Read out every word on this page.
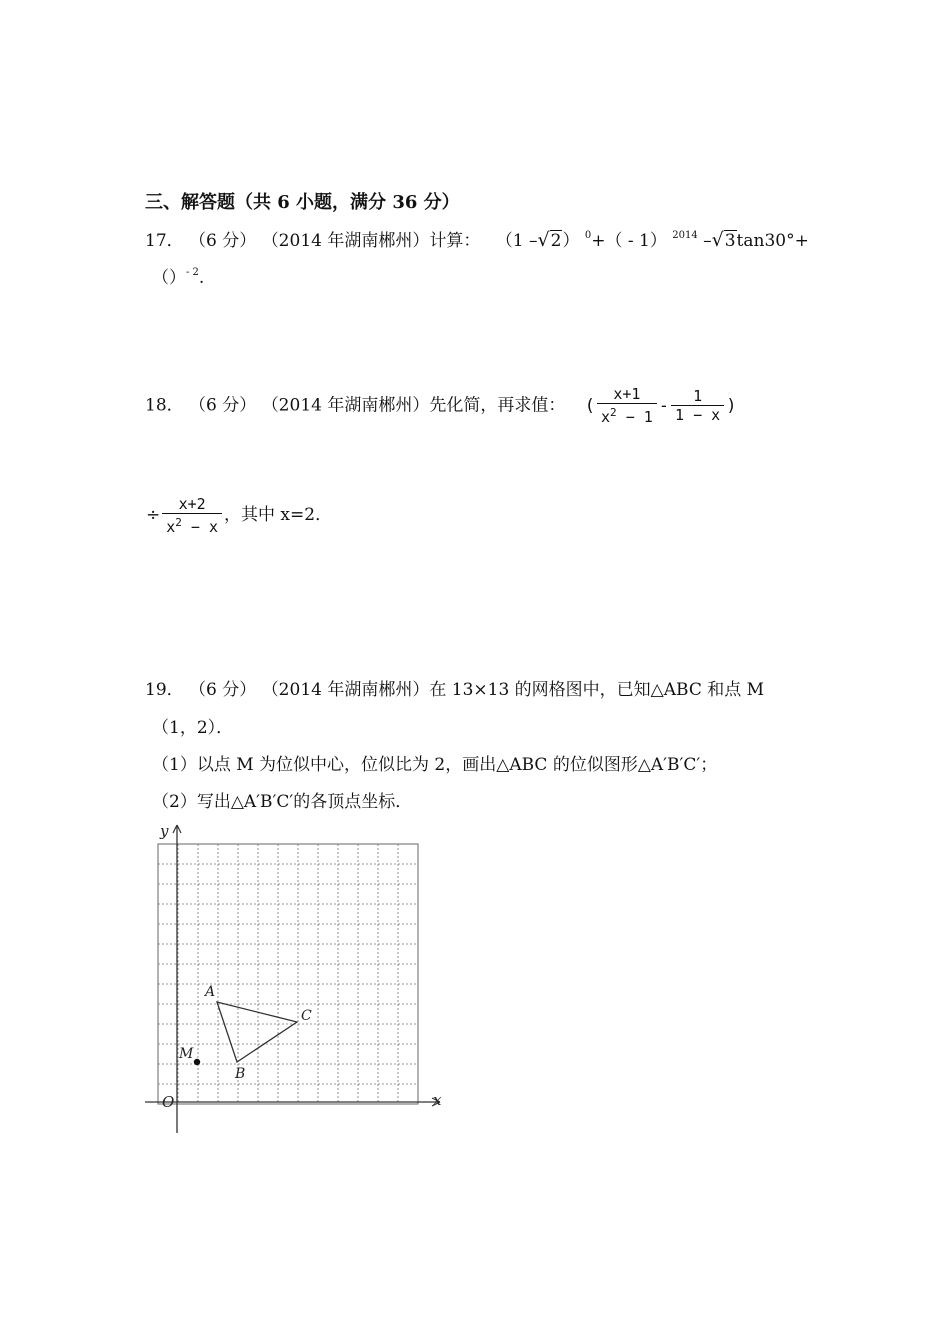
三、解答题（共 6 小题，满分 36 分）
17． （6 分） （2014 年湖南郴州）计算： （1 –√2） $^0$+（ - 1） $^{2014}$ –√3tan30°+
（）$^{- 2}$.
18． （6 分） （2014 年湖南郴州）先化简，再求值： ( $\frac{x+1}{x^2 - 1} - \frac{1}{1 - x}$ )
÷ $\frac{x+2}{x^2 - x}$ ，其中 x=2．
19． （6 分） （2014 年湖南郴州）在 13×13 的网格图中，已知△ABC 和点 M
（1，2）．
（1）以点 M 为位似中心，位似比为 2，画出△ABC 的位似图形△A′B′C′；
（2）写出△A′B′C′的各顶点坐标．
x
y
O
A
B
C
M
